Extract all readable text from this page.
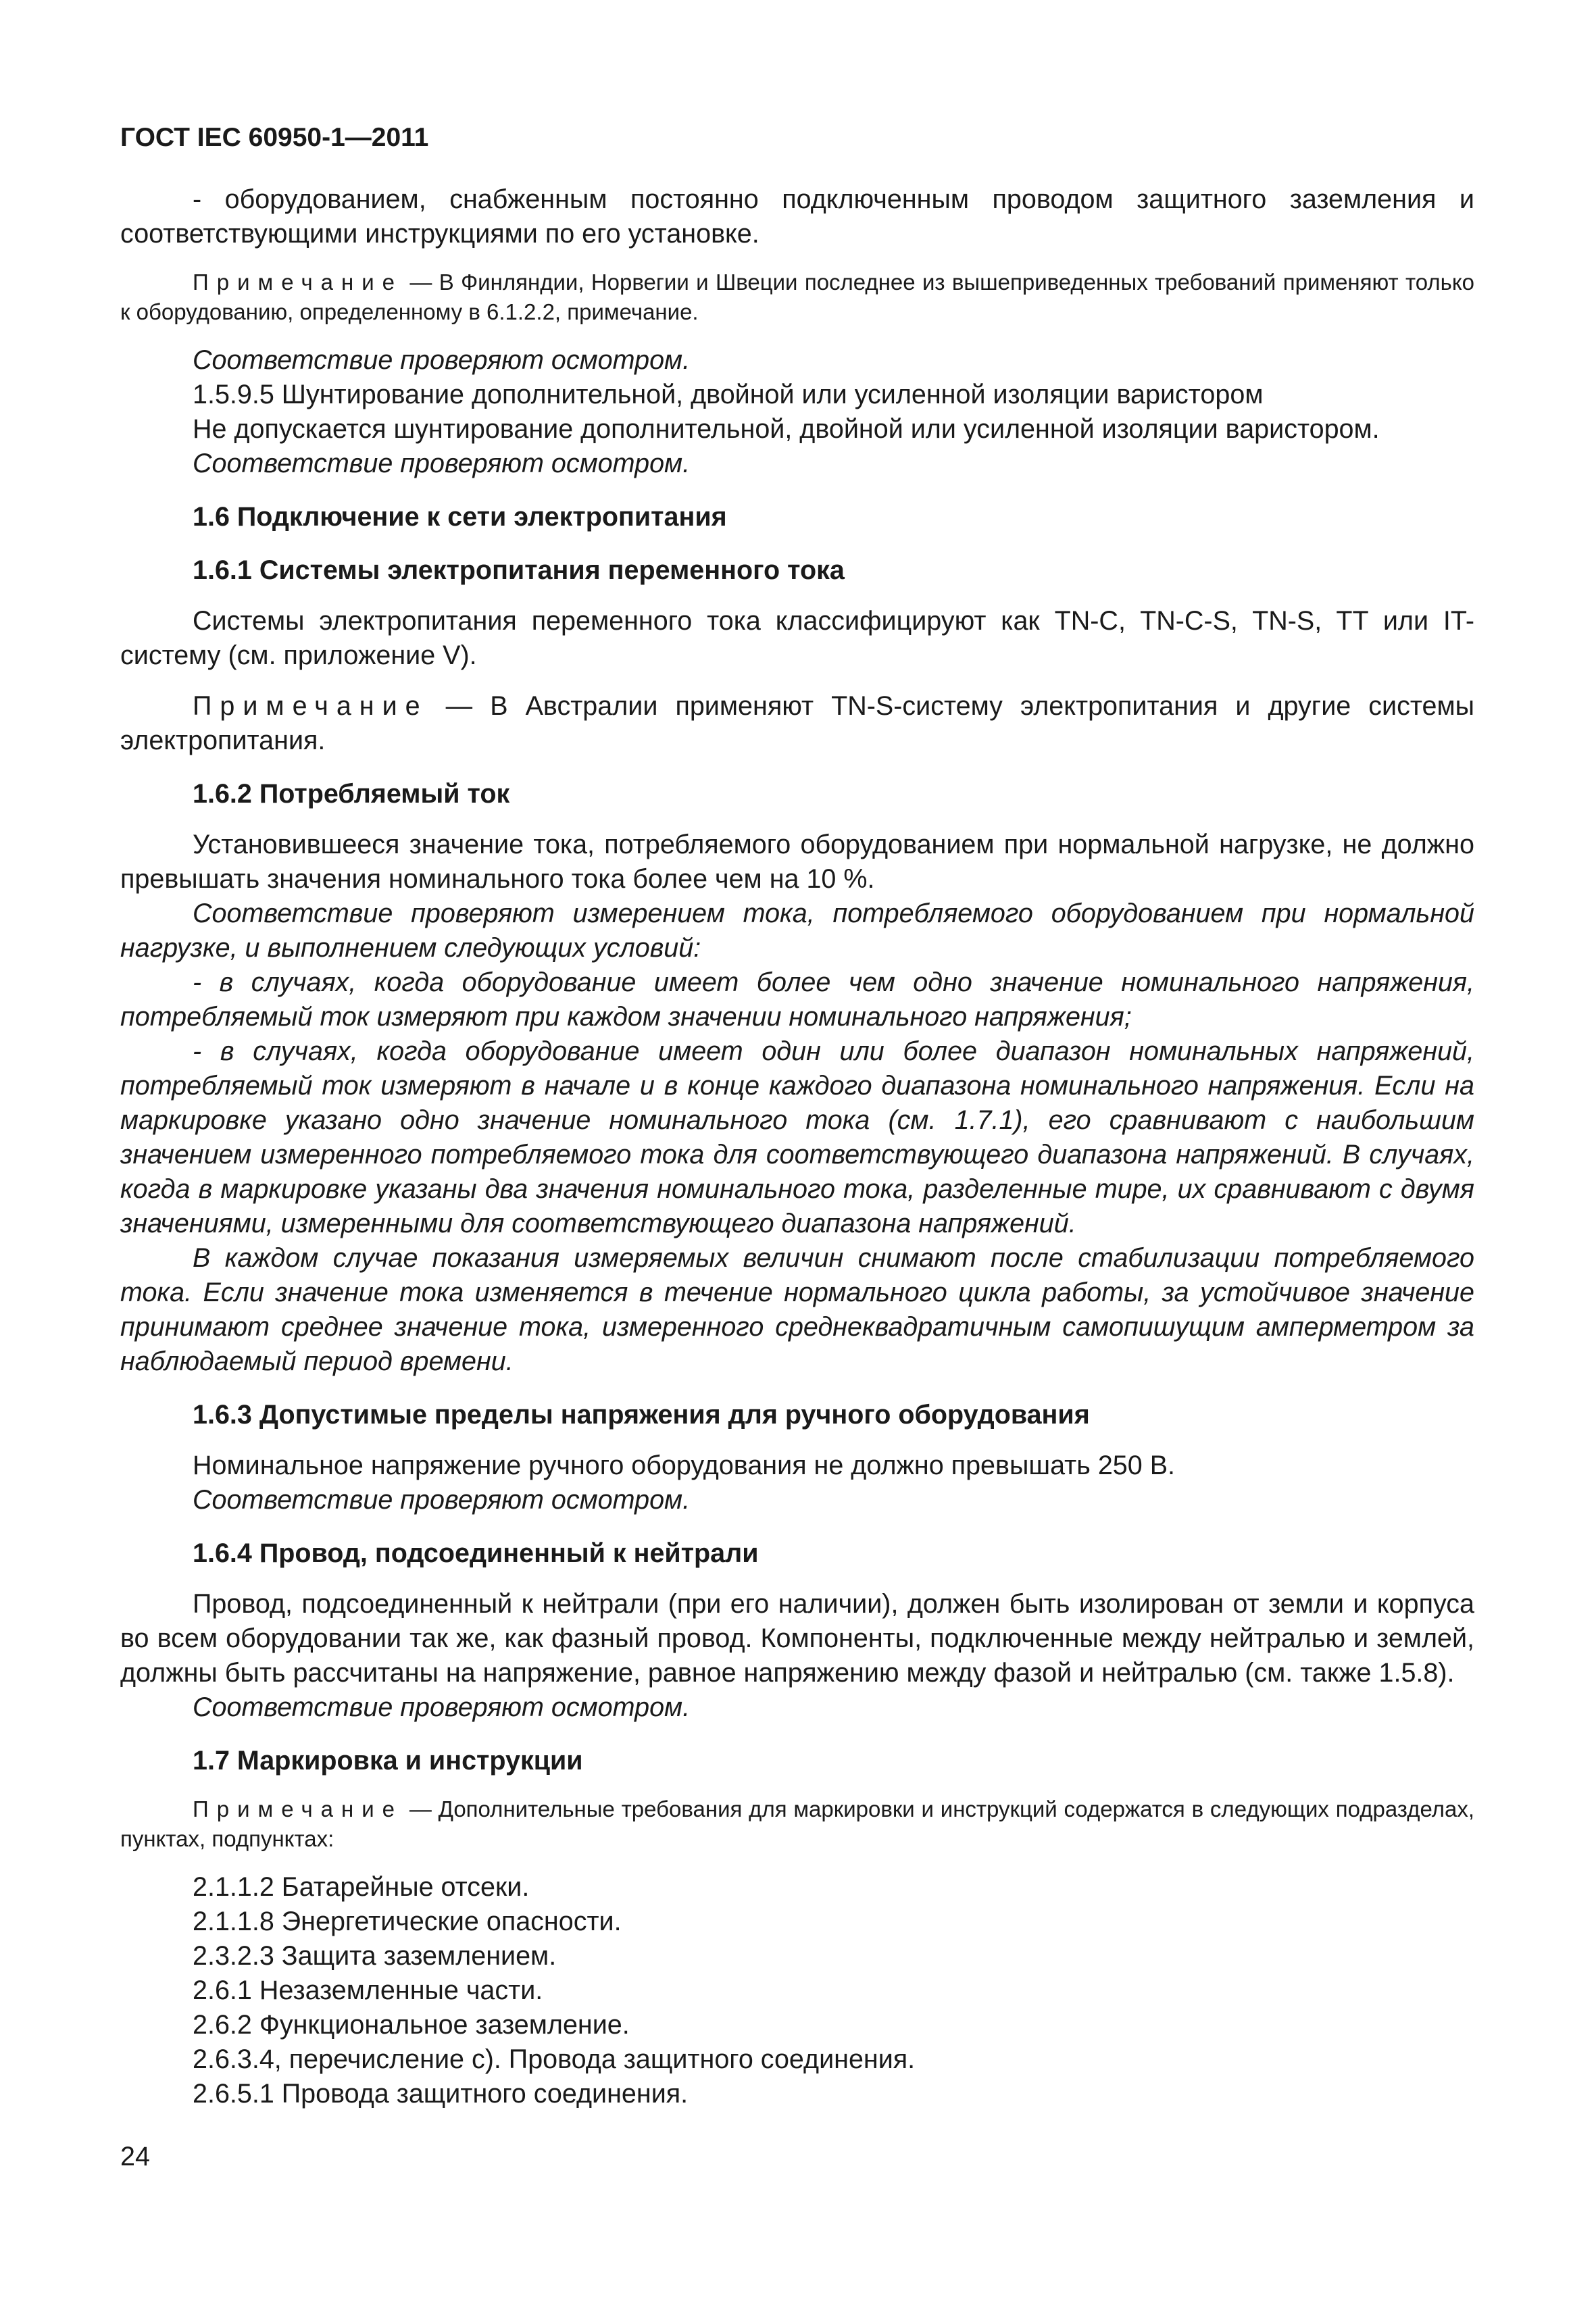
ГОСТ IEC 60950-1—2011

- оборудованием, снабженным постоянно подключенным проводом защитного заземления и соответствующими инструкциями по его установке.

Примечание — В Финляндии, Норвегии и Швеции последнее из вышеприведенных требований применяют только к оборудованию, определенному в 6.1.2.2, примечание.

Соответствие проверяют осмотром.

1.5.9.5 Шунтирование дополнительной, двойной или усиленной изоляции варистором

Не допускается шунтирование дополнительной, двойной или усиленной изоляции варистором.

Соответствие проверяют осмотром.

1.6 Подключение к сети электропитания

1.6.1 Системы электропитания переменного тока

Системы электропитания переменного тока классифицируют как TN-C, TN-C-S, TN-S, TT или IT-систему (см. приложение V).

Примечание — В Австралии применяют TN-S-систему электропитания и другие системы электропитания.

1.6.2 Потребляемый ток

Установившееся значение тока, потребляемого оборудованием при нормальной нагрузке, не должно превышать значения номинального тока более чем на 10 %.

Соответствие проверяют измерением тока, потребляемого оборудованием при нормальной нагрузке, и выполнением следующих условий:

- в случаях, когда оборудование имеет более чем одно значение номинального напряжения, потребляемый ток измеряют при каждом значении номинального напряжения;

- в случаях, когда оборудование имеет один или более диапазон номинальных напряжений, потребляемый ток измеряют в начале и в конце каждого диапазона номинального напряжения. Если на маркировке указано одно значение номинального тока (см. 1.7.1), его сравнивают с наибольшим значением измеренного потребляемого тока для соответствующего диапазона напряжений. В случаях, когда в маркировке указаны два значения номинального тока, разделенные тире, их сравнивают с двумя значениями, измеренными для соответствующего диапазона напряжений.

В каждом случае показания измеряемых величин снимают после стабилизации потребляемого тока. Если значение тока изменяется в течение нормального цикла работы, за устойчивое значение принимают среднее значение тока, измеренного среднеквадратичным самопишущим амперметром за наблюдаемый период времени.

1.6.3 Допустимые пределы напряжения для ручного оборудования

Номинальное напряжение ручного оборудования не должно превышать 250 В.

Соответствие проверяют осмотром.

1.6.4 Провод, подсоединенный к нейтрали

Провод, подсоединенный к нейтрали (при его наличии), должен быть изолирован от земли и корпуса во всем оборудовании так же, как фазный провод. Компоненты, подключенные между нейтралью и землей, должны быть рассчитаны на напряжение, равное напряжению между фазой и нейтралью (см. также 1.5.8).

Соответствие проверяют осмотром.

1.7 Маркировка и инструкции

Примечание — Дополнительные требования для маркировки и инструкций содержатся в следующих подразделах, пунктах, подпунктах:

2.1.1.2 Батарейные отсеки.

2.1.1.8 Энергетические опасности.

2.3.2.3 Защита заземлением.

2.6.1 Незаземленные части.

2.6.2 Функциональное заземление.

2.6.3.4, перечисление с). Провода защитного соединения.

2.6.5.1 Провода защитного соединения.

24
